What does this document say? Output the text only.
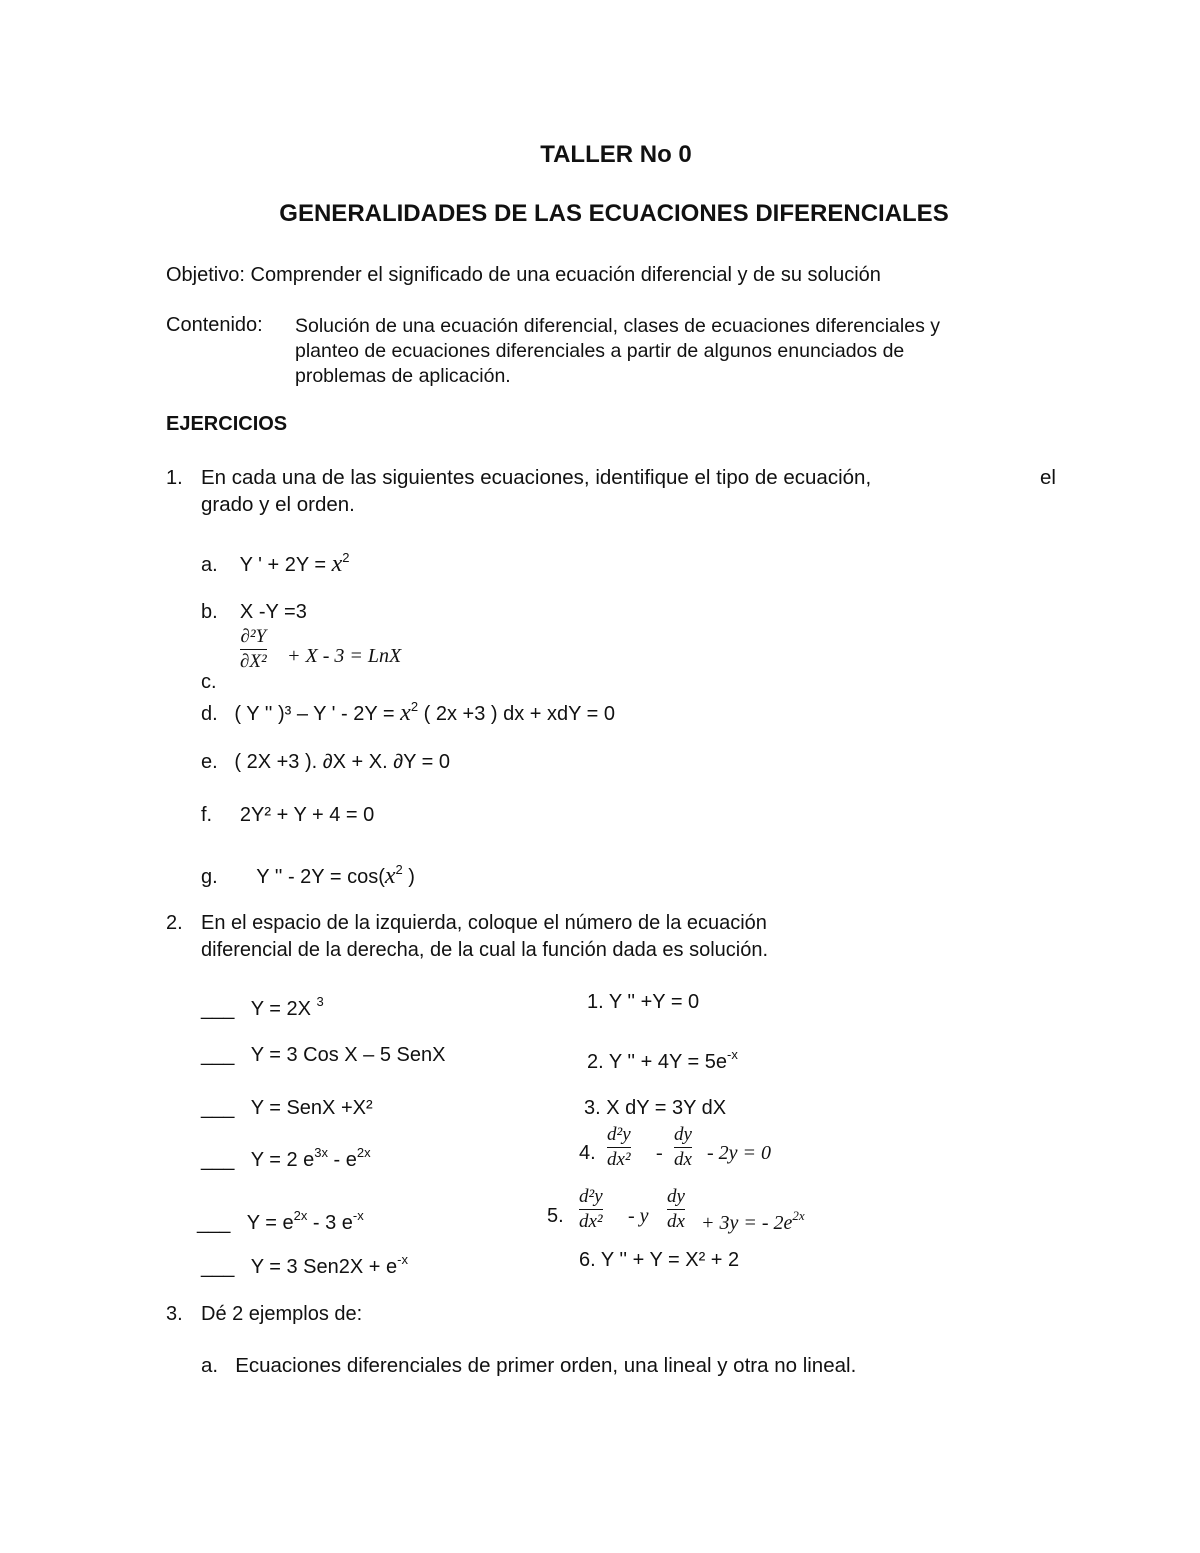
TALLER No 0
GENERALIDADES DE LAS ECUACIONES DIFERENCIALES
Objetivo: Comprender el significado de una ecuación diferencial y de su solución
Contenido: Solución de una ecuación diferencial, clases de ecuaciones diferenciales y
planteo de ecuaciones diferenciales a partir de algunos enunciados de
problemas de aplicación.
EJERCICIOS
1. En cada una de las siguientes ecuaciones, identifique el tipo de ecuación,	el
grado y el orden.
a. Y ' + $2Y = x^2$
b. X -Y =3
∂²Y
∂X² + X - 3 = LnX
c.
d. ( Y '' )³ – Y ' - $2Y = x^2$ ( 2x +3 ) dx + xdY = 0
e. ( 2X +3 ). ∂X + X. ∂Y = 0
f. 2Y² + Y + 4 = 0
g. Y '' - $2Y = \cos(x^2$ )
2. En el espacio de la izquierda, coloque el número de la ecuación
diferencial de la derecha, de la cual la función dada es solución.
___ Y = 2X $^3$
___ Y = 3 Cos X – 5 SenX
___ Y = SenX +X²
___ Y = 2 $e^{3x} - e^{2x}$
___ $Y = e^{2x} - 3$ $e^{-x}$
___ Y = 3 $Sen2X + e^{-x}$
1. Y '' +Y = 0
2. Y '' + $4Y = 5e^{-x}$
3. X dY = 3Y dX
4.
d²y
dx² -
dy
dx - 2y = 0
5.
d²y
dx² - y
dy
dx + 3y = - $2e^{2x}$
6. Y '' + Y = X² + 2
3. Dé 2 ejemplos de:
a. Ecuaciones diferenciales de primer orden, una lineal y otra no lineal.
